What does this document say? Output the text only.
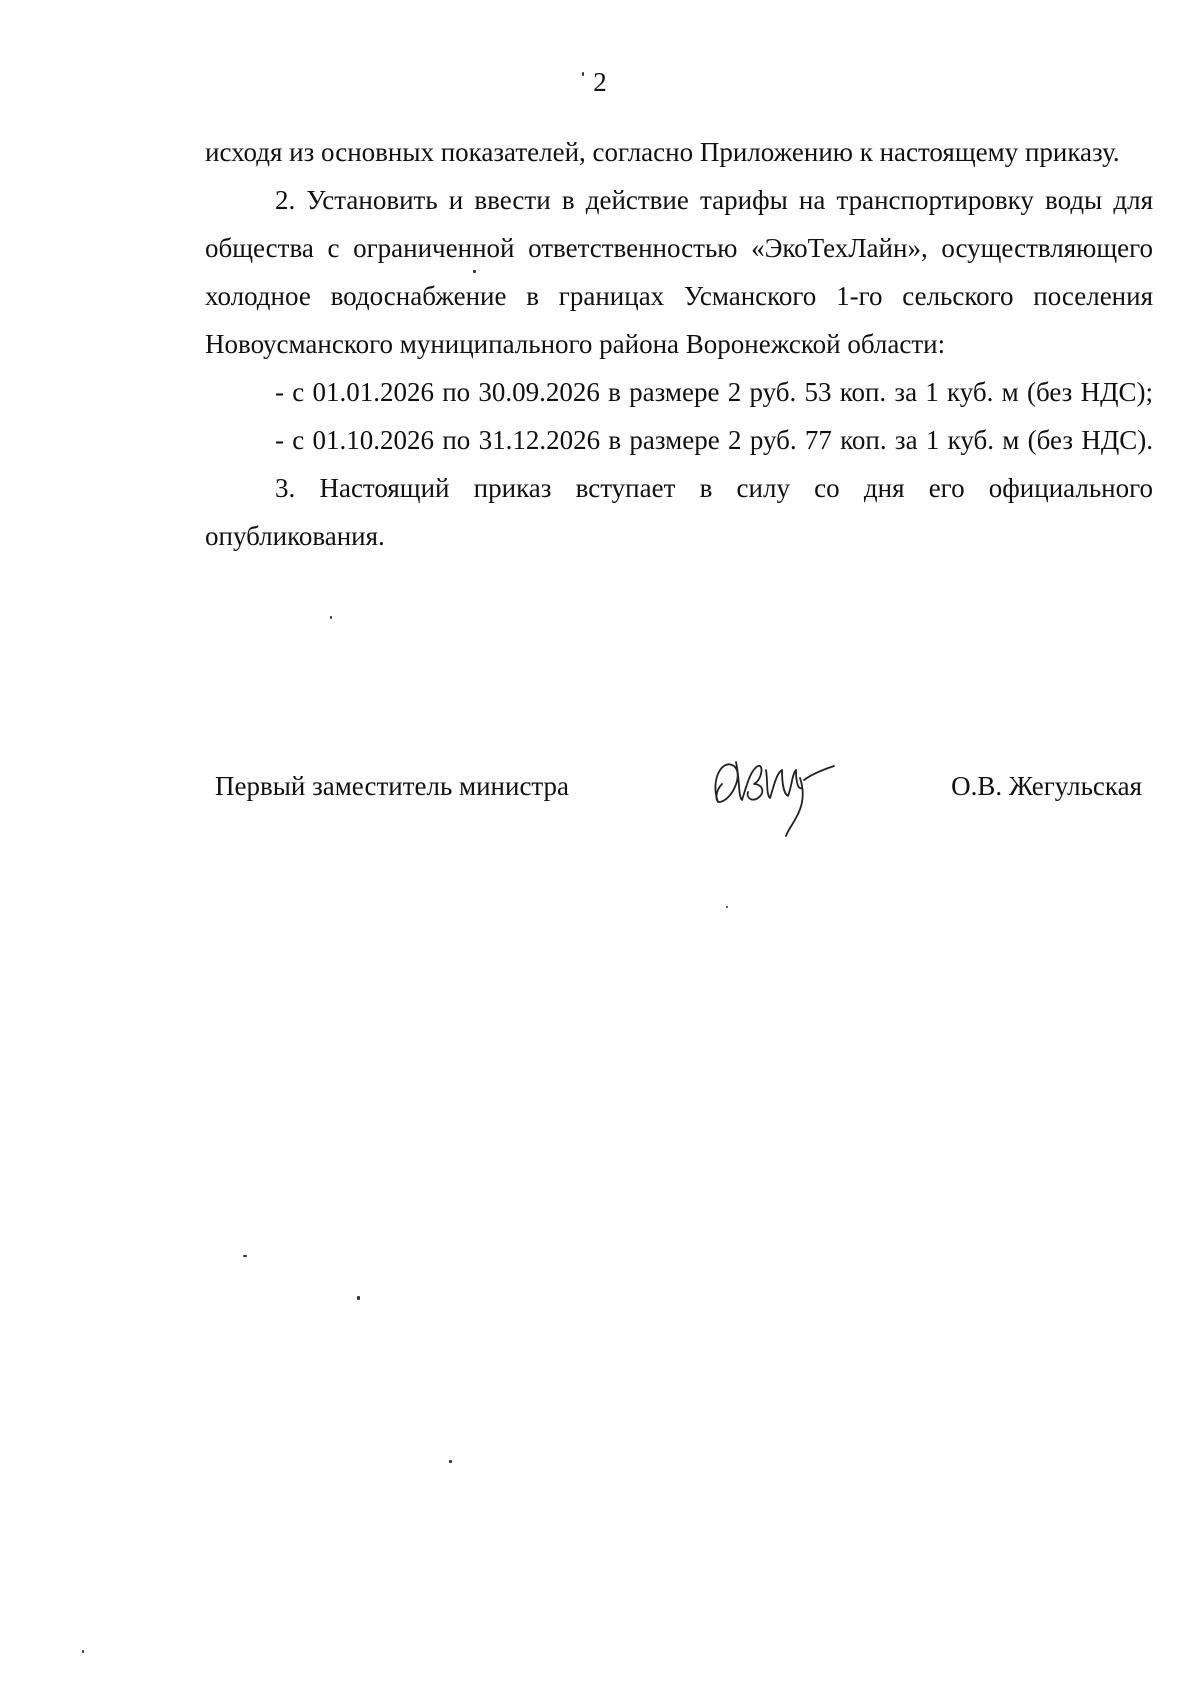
2

исходя из основных показателей, согласно Приложению к настоящему приказу.

2. Установить и ввести в действие тарифы на транспортировку воды для общества с ограниченной ответственностью «ЭкоТехЛайн», осуществляющего холодное водоснабжение в границах Усманского 1-го сельского поселения Новоусманского муниципального района Воронежской области:

- с 01.01.2026 по 30.09.2026 в размере 2 руб. 53 коп. за 1 куб. м (без НДС);

- с 01.10.2026 по 31.12.2026 в размере 2 руб. 77 коп. за 1 куб. м (без НДС).

3. Настоящий приказ вступает в силу со дня его официального опубликования.

Первый заместитель министра	О.В. Жегульская
